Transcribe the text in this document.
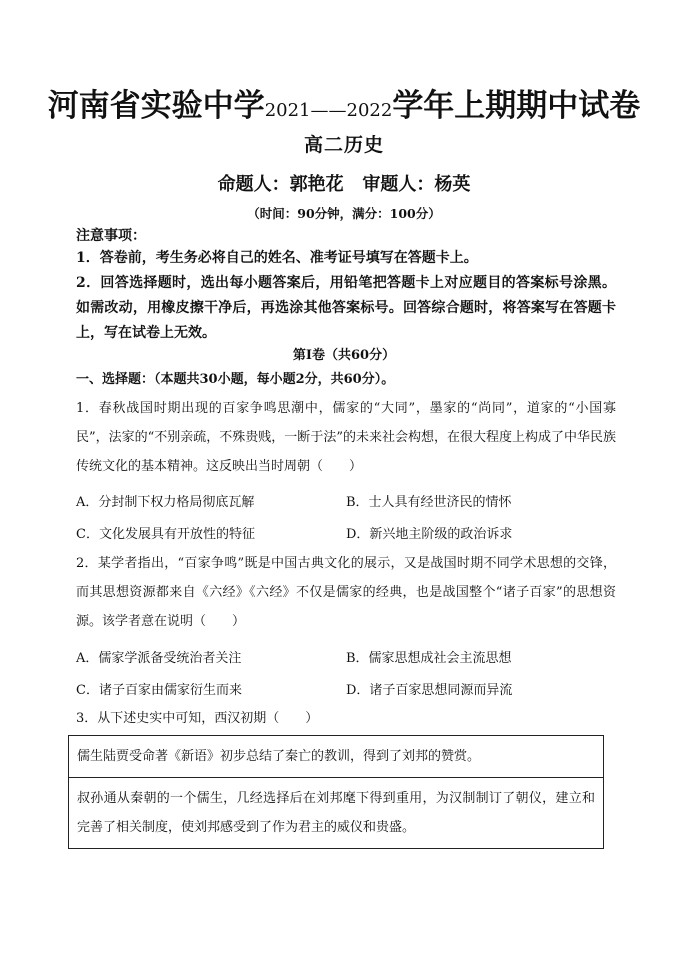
河南省实验中学2021——2022学年上期期中试卷
高二历史
命题人：郭艳花   审题人：杨英
（时间：90分钟，满分：100分）
注意事项：
1．答卷前，考生务必将自己的姓名、准考证号填写在答题卡上。
2．回答选择题时，选出每小题答案后，用铅笔把答题卡上对应题目的答案标号涂黑。如需改动，用橡皮擦干净后，再选涂其他答案标号。回答综合题时，将答案写在答题卡上，写在试卷上无效。
第Ⅰ卷（共60分）
一、选择题：（本题共30小题，每小题2分，共60分）。
1．春秋战国时期出现的百家争鸣思潮中，儒家的“大同”，墨家的“尚同”，道家的“小国寡民”，法家的“不别亲疏，不殊贵贱，一断于法”的未来社会构想，在很大程度上构成了中华民族传统文化的基本精神。这反映出当时周朝（　　）
A．分封制下权力格局彻底瓦解	B．士人具有经世济民的情怀
C．文化发展具有开放性的特征	D．新兴地主阶级的政治诉求
2．某学者指出，“百家争鸣”既是中国古典文化的展示，又是战国时期不同学术思想的交锋，而其思想资源都来自《六经》《六经》不仅是儒家的经典，也是战国整个“诸子百家”的思想资源。该学者意在说明（　　）
A．儒家学派备受统治者关注	B．儒家思想成社会主流思想
C．诸子百家由儒家衍生而来	D．诸子百家思想同源而异流
3．从下述史实中可知，西汉初期（　　）
儒生陆贾受命著《新语》初步总结了秦亡的教训，得到了刘邦的赞赏。
叔孙通从秦朝的一个儒生，几经选择后在刘邦麾下得到重用，为汉制制订了朝仪，建立和完善了相关制度，使刘邦感受到了作为君主的威仪和贵盛。
